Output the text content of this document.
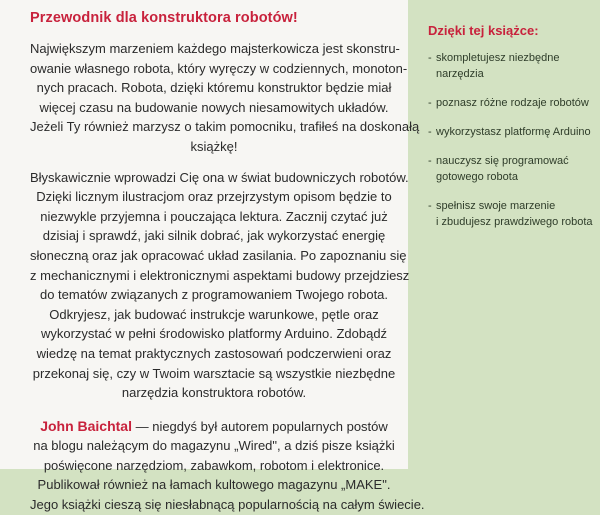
Przewodnik dla konstruktora robotów!

Największym marzeniem każdego majsterkowicza jest skonstru-
owanie własnego robota, który wyręczy w codziennych, monoton-
nych pracach. Robota, dzięki któremu konstruktor będzie miał
więcej czasu na budowanie nowych niesamowitych układów.
Jeżeli Ty również marzysz o takim pomocniku, trafiłeś na doskonałą
książkę!

Błyskawicznie wprowadzi Cię ona w świat budowniczych robotów.
Dzięki licznym ilustracjom oraz przejrzystym opisom będzie to
niezwykle przyjemna i pouczająca lektura. Zacznij czytać już
dzisiaj i sprawdź, jaki silnik dobrać, jak wykorzystać energię
słoneczną oraz jak opracować układ zasilania. Po zapoznaniu się
z mechanicznymi i elektronicznymi aspektami budowy przejdziesz
do tematów związanych z programowaniem Twojego robota.
Odkryjesz, jak budować instrukcje warunkowe, pętle oraz
wykorzystać w pełni środowisko platformy Arduino. Zdobądź
wiedzę na temat praktycznych zastosowań podczerwieni oraz
przekonaj się, czy w Twoim warsztacie są wszystkie niezbędne
narzędzia konstruktora robotów.

John Baichtal — niegdyś był autorem popularnych postów
na blogu należącym do magazynu „Wired", a dziś pisze książki
poświęcone narzędziom, zabawkom, robotom i elektronice.
Publikował również na łamach kultowego magazynu „MAKE".
Jego książki cieszą się niesłabnącą popularnością na całym świecie.

Dzięki tej książce:
- skompletujesz niezbędne
narzędzia
- poznasz różne rodzaje robotów
- wykorzystasz platformę Arduino
- nauczysz się programować
gotowego robota
- spełnisz swoje marzenie
i zbudujesz prawdziwego robota
